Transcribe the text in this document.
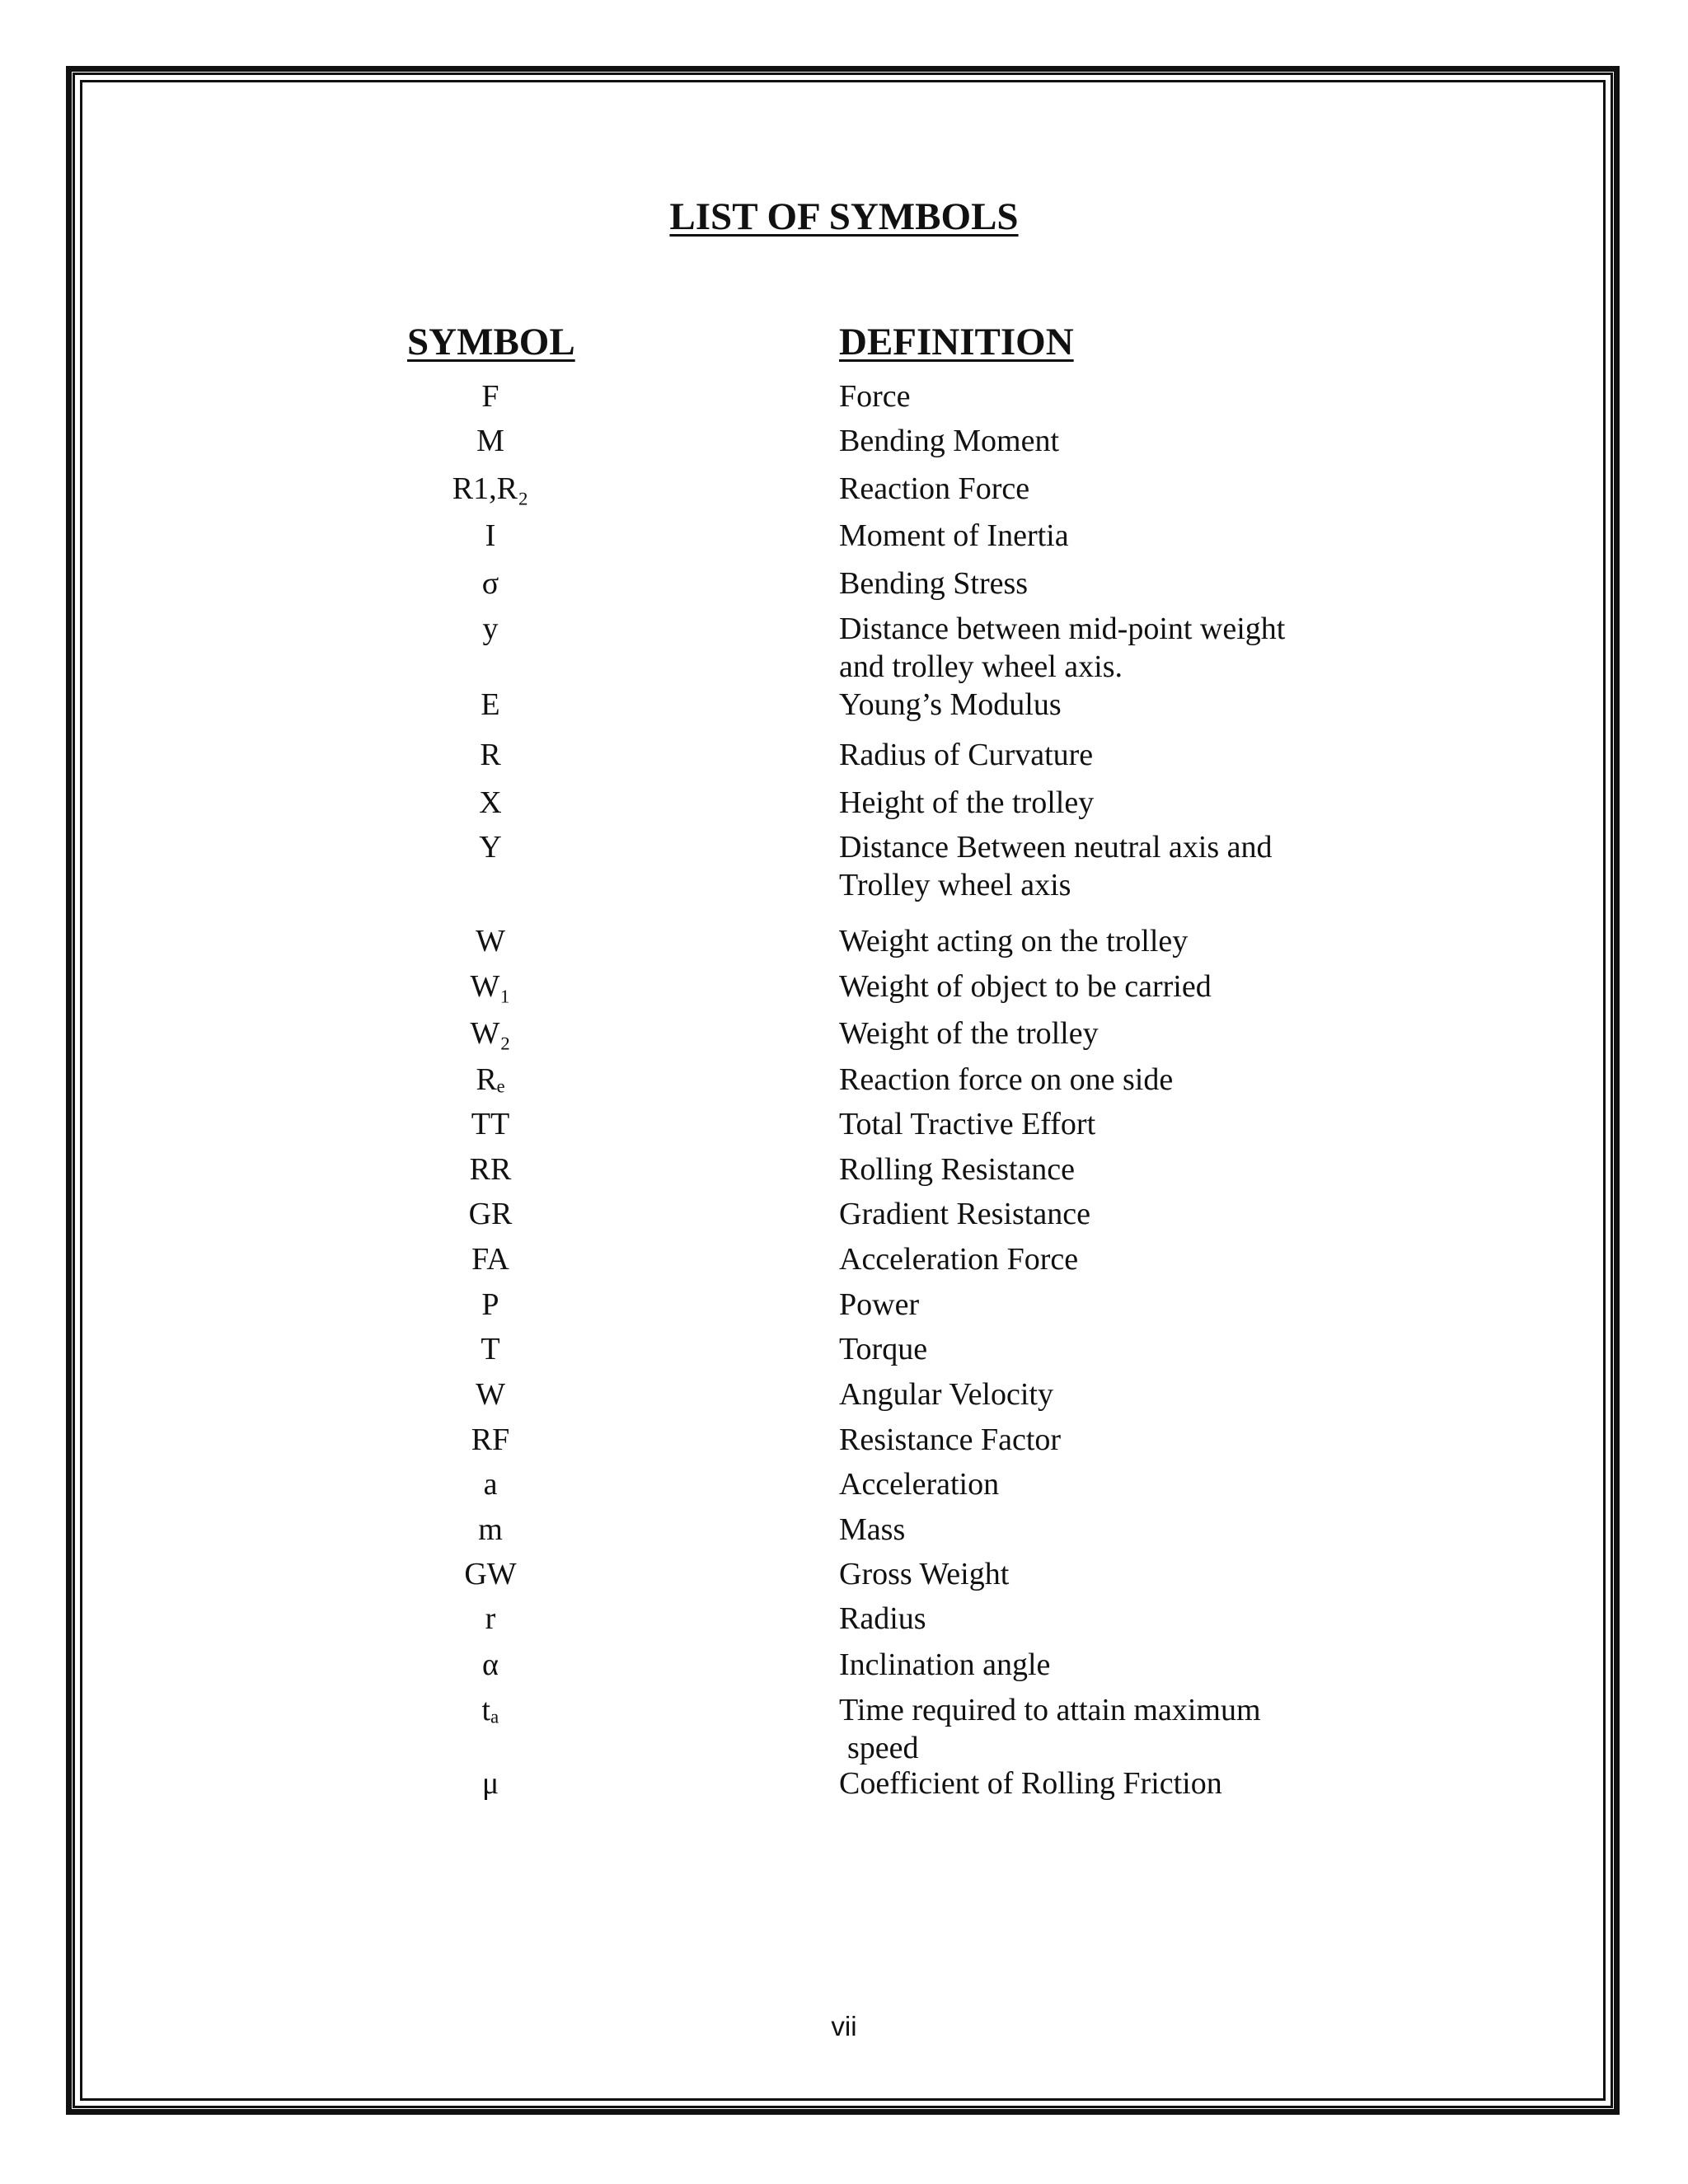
LIST OF SYMBOLS
SYMBOL	DEFINITION
F	Force
M	Bending Moment
R1,R₂	Reaction Force
I	Moment of Inertia
σ	Bending Stress
y	Distance between mid-point weight
and trolley wheel axis.
E	Young’s Modulus
R	Radius of Curvature
X	Height of the trolley
Y	Distance Between neutral axis and
Trolley wheel axis
W	Weight acting on the trolley
W₁	Weight of object to be carried
W₂	Weight of the trolley
Rₑ	Reaction force on one side
TT	Total Tractive Effort
RR	Rolling Resistance
GR	Gradient Resistance
FA	Acceleration Force
P	Power
T	Torque
W	Angular Velocity
RF	Resistance Factor
a	Acceleration
m	Mass
GW	Gross Weight
r	Radius
α	Inclination angle
tₐ	Time required to attain maximum
speed
μ	Coefficient of Rolling Friction
vii
